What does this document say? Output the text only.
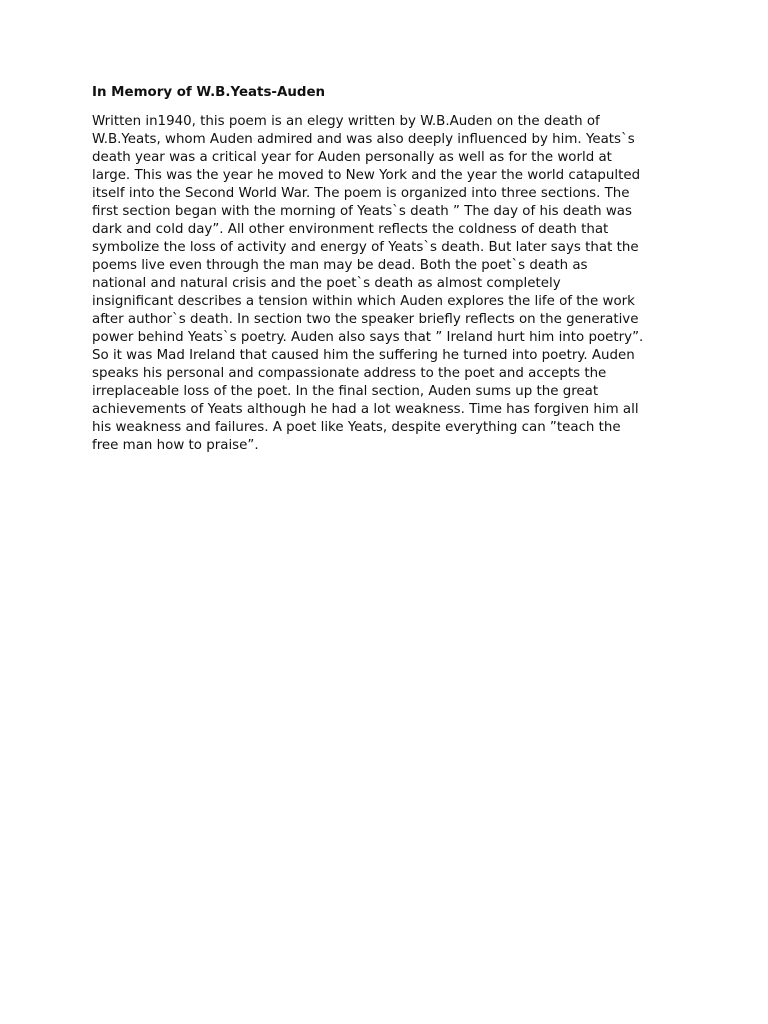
In Memory of W.B.Yeats-Auden
Written in1940, this poem is an elegy written by W.B.Auden on the death of
W.B.Yeats, whom Auden admired and was also deeply influenced by him. Yeats`s
death year was a critical year for Auden personally as well as for the world at
large. This was the year he moved to New York and the year the world catapulted
itself into the Second World War. The poem is organized into three sections. The
first section began with the morning of Yeats`s death ” The day of his death was
dark and cold day”. All other environment reflects the coldness of death that
symbolize the loss of activity and energy of Yeats`s death. But later says that the
poems live even through the man may be dead. Both the poet`s death as
national and natural crisis and the poet`s death as almost completely
insignificant describes a tension within which Auden explores the life of the work
after author`s death. In section two the speaker briefly reflects on the generative
power behind Yeats`s poetry. Auden also says that ” Ireland hurt him into poetry”.
So it was Mad Ireland that caused him the suffering he turned into poetry. Auden
speaks his personal and compassionate address to the poet and accepts the
irreplaceable loss of the poet. In the final section, Auden sums up the great
achievements of Yeats although he had a lot weakness. Time has forgiven him all
his weakness and failures. A poet like Yeats, despite everything can ”teach the
free man how to praise”.
